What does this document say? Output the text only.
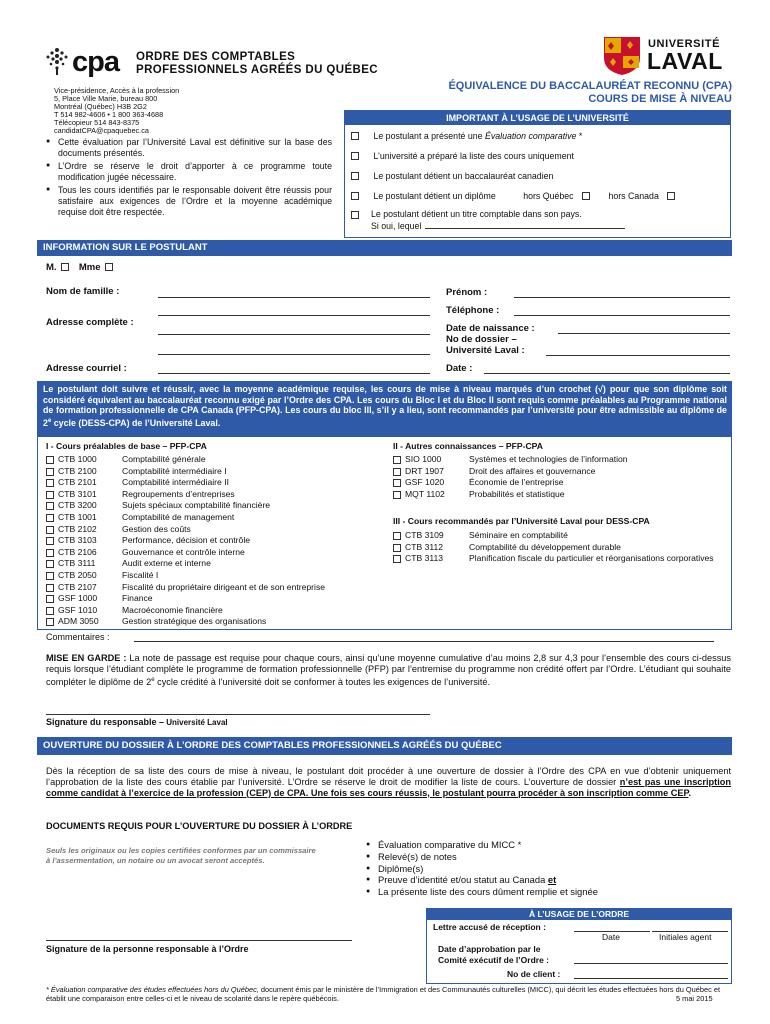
cpa ORDRE DES COMPTABLES
PROFESSIONNELS AGRÉÉS DU QUÉBEC
Vice-présidence, Accès à la profession
5, Place Ville Marie, bureau 800
Montréal (Québec) H3B 2G2
T 514 982-4606 • 1 800 363-4688
Télécopieur 514 843-8375
candidatCPA@cpaquebec.ca
UNIVERSITÉ
LAVAL
ÉQUIVALENCE DU BACCALAURÉAT RECONNU (CPA)
COURS DE MISE À NIVEAU
● Cette évaluation par l’Université Laval est définitive sur la base des documents présentés.
● L’Ordre se réserve le droit d’apporter à ce programme toute modification jugée nécessaire.
● Tous les cours identifiés par le responsable doivent être réussis pour satisfaire aux exigences de l’Ordre et la moyenne académique requise doit être respectée.
IMPORTANT À L’USAGE DE L’UNIVERSITÉ
Le postulant a présenté une Évaluation comparative *
L’université a préparé la liste des cours uniquement
Le postulant détient un baccalauréat canadien
Le postulant détient un diplôme	hors Québec	hors Canada
Le postulant détient un titre comptable dans son pays.
Si oui, lequel
INFORMATION SUR LE POSTULANT
M. Mme
Nom de famille :	Prénom :
Téléphone :
Adresse complète :
Date de naissance :
No de dossier –
Université Laval :
Adresse courriel :	Date :
Le postulant doit suivre et réussir, avec la moyenne académique requise, les cours de mise à niveau marqués d’un crochet (√) pour que son diplôme soit considéré équivalent au baccalauréat reconnu exigé par l’Ordre des CPA. Les cours du Bloc I et du Bloc II sont requis comme préalables au Programme national de formation professionnelle de CPA Canada (PFP-CPA). Les cours du bloc III, s’il y a lieu, sont recommandés par l’université pour être admissible au diplôme de 2e cycle (DESS-CPA) de l’Université Laval.
I - Cours préalables de base – PFP-CPA
CTB 1000	Comptabilité générale
CTB 2100	Comptabilité intermédiaire I
CTB 2101	Comptabilité intermédiaire II
CTB 3101	Regroupements d’entreprises
CTB 3200	Sujets spéciaux comptabilité financière
CTB 1001	Comptabilité de management
CTB 2102	Gestion des coûts
CTB 3103	Performance, décision et contrôle
CTB 2106	Gouvernance et contrôle interne
CTB 3111	Audit externe et interne
CTB 2050	Fiscalité I
CTB 2107	Fiscalité du propriétaire dirigeant et de son entreprise
GSF 1000	Finance
GSF 1010	Macroéconomie financière
ADM 3050	Gestion stratégique des organisations
II - Autres connaissances – PFP-CPA
SIO 1000	Systèmes et technologies de l’information
DRT 1907	Droit des affaires et gouvernance
GSF 1020	Économie de l’entreprise
MQT 1102	Probabilités et statistique
III - Cours recommandés par l’Université Laval pour DESS-CPA
CTB 3109	Séminaire en comptabilité
CTB 3112	Comptabilité du développement durable
CTB 3113	Planification fiscale du particulier et réorganisations corporatives
Commentaires :
MISE EN GARDE : La note de passage est requise pour chaque cours, ainsi qu’une moyenne cumulative d’au moins 2,8 sur 4,3 pour l’ensemble des cours ci-dessus requis lorsque l’étudiant complète le programme de formation professionnelle (PFP) par l’entremise du programme non crédité offert par l’Ordre. L’étudiant qui souhaite compléter le diplôme de 2e cycle crédité à l’université doit se conformer à toutes les exigences de l’université.
Signature du responsable – Université Laval
OUVERTURE DU DOSSIER À L’ORDRE DES COMPTABLES PROFESSIONNELS AGRÉÉS DU QUÉBEC
Dès la réception de sa liste des cours de mise à niveau, le postulant doit procéder à une ouverture de dossier à l’Ordre des CPA en vue d’obtenir uniquement l’approbation de la liste des cours établie par l’université. L’Ordre se réserve le droit de modifier la liste de cours. L’ouverture de dossier n’est pas une inscription comme candidat à l’exercice de la profession (CEP) de CPA. Une fois ses cours réussis, le postulant pourra procéder à son inscription comme CEP.
DOCUMENTS REQUIS POUR L’OUVERTURE DU DOSSIER À L’ORDRE
Seuls les originaux ou les copies certifiées conformes par un commissaire à l’assermentation, un notaire ou un avocat seront acceptés.
● Évaluation comparative du MICC *
● Relevé(s) de notes
● Diplôme(s)
● Preuve d’identité et/ou statut au Canada et
● La présente liste des cours dûment remplie et signée
À L’USAGE DE L’ORDRE
Lettre accusé de réception :
Date	Initiales agent
Date d’approbation par le
Comité exécutif de l’Ordre :
No de client :
Signature de la personne responsable à l’Ordre
* Évaluation comparative des études effectuées hors du Québec, document émis par le ministère de l’Immigration et des Communautés culturelles (MICC), qui décrit les études effectuées hors du Québec et établit une comparaison entre celles-ci et le niveau de scolarité dans le repère québécois.	5 mai 2015
